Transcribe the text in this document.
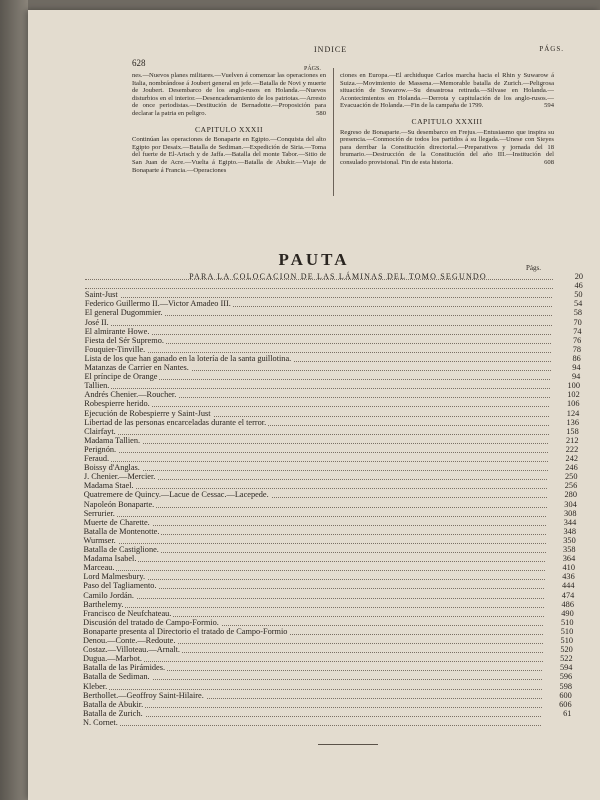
628
INDICE	PÁGS.
PÁGS.

nes.—Nuevos planes militares.—Vuelven á comenzar las operaciones en Italia, nombrándose á Joubert general en jefe.—Batalla de Novi y muerte de Joubert. Desembarco de los anglo-rusos en Holanda.—Nuevos disturbios en el interior.—Desencadenamiento de los patriotas.—Arresto de once periodistas.—Destitución de Bernadotte.—Proposición para declarar la patria en peligro.	580

CAPITULO XXXII

Continúan las operaciones de Bonaparte en Egipto.—Conquista del alto Egipto por Desaix.—Batalla de Sediman.—Expedición de Siria.—Toma del fuerte de El-Arisch y de Jaffa.—Batalla del monte Tabor.—Sitio de San Juan de Acre.—Vuelta á Egipto.—Batalla de Abukir.—Viaje de Bonaparte á Francia.—Operaciones

ciones en Europa.—El archiduque Carlos marcha hacia el Rhin y Suwarow á Suiza.—Movimiento de Massena.—Memorable batalla de Zurich.—Peligrosa situación de Suwarow.—Su desastrosa retirada.—Silvase en Holanda.—Acontecimientos en Holanda.—Derrota y capitulación de los anglo-rusos.—Evacuación de Holanda.—Fin de la campaña de 1799.	594

CAPITULO XXXIII

Regreso de Bonaparte.—Su desembarco en Frejus.—Entusiasmo que inspira su presencia.—Conmoción de todos los partidos á su llegada.—Unese con Sieyes para derribar la Constitución directorial.—Preparativos y jornada del 18 brumario.—Destrucción de la Constitución del año III.—Institución del consulado provisional. Fin de esta historia.	608

PAUTA
PARA LA COLOCACION DE LAS LÁMINAS DEL TOMO SEGUNDO
Págs.
20
46
Saint-Just	50
Federico Guillermo II.—Victor Amadeo III.	54
El general Dugommier.	58
José II.	70
El almirante Howe.	74
Fiesta del Sér Supremo.	76
Fouquier-Tinville.	78
Lista de los que han ganado en la lotería de la santa guillotina.	86
Matanzas de Carrier en Nantes.	94
El príncipe de Orange	94
Tallien.	100
Andrés Chenier.—Roucher.	102
Robespierre herido.	106
Ejecución de Robespierre y Saint-Just	124
Libertad de las personas encarceladas durante el terror.	136
Clairfayt.	158
Madama Tallien.	212
Perignón.	222
Feraud.	242
Boissy d'Anglas.	246
J. Chenier.—Mercier.	250
Madama Stael.	256
Quatremere de Quincy.—Lacue de Cessac.—Lacepede.	280
Napoleón Bonaparte.	304
Serrurier.	308
Muerte de Charette.	344
Batalla de Montenotte.	348
Wurmser.	350
Batalla de Castiglione.	358
Madama Isabel.	364
Marceau.	410
Lord Malmesbury.	436
Paso del Tagliamento.	444
Camilo Jordán.	474
Barthelemy.	486
Francisco de Neufchateau.	490
Discusión del tratado de Campo-Formio.	510
Bonaparte presenta al Directorio el tratado de Campo-Formio	510
Denou.—Conte.—Redoute.	510
Costaz.—Villoteau.—Arnalt.	520
Dugua.—Marbot.	522
Batalla de las Pirámides.	594
Batalla de Sediman.	596
Kleber.	598
Berthollet.—Geoffroy Saint-Hilaire.	600
Batalla de Abukir.	606
Batalla de Zurich.	61
N. Cornet.
